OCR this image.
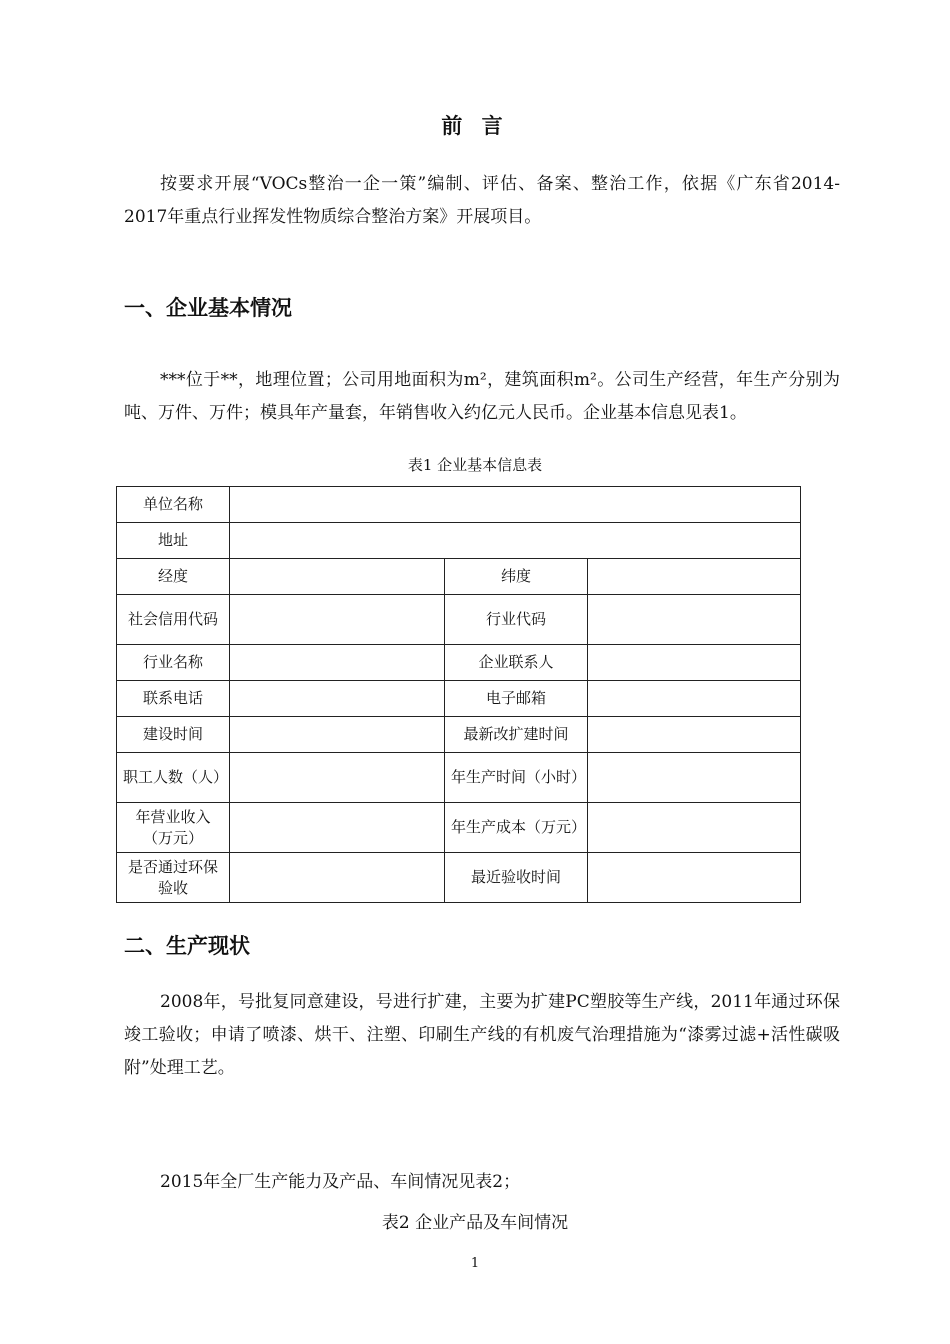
前 言

按要求开展“VOCs整治一企一策”编制、评估、备案、整治工作，依据《广东省2014-2017年重点行业挥发性物质综合整治方案》开展项目。

一、企业基本情况

***位于**，地理位置；公司用地面积为m²，建筑面积m²。公司生产经营，年生产分别为吨、万件、万件；模具年产量套，年销售收入约亿元人民币。企业基本信息见表1。

表1 企业基本信息表
单位名称			
地址			
经度		纬度	
社会信用代码		行业代码	
行业名称		企业联系人	
联系电话		电子邮箱	
建设时间		最新改扩建时间	
职工人数（人）		年生产时间（小时）	
年营业收入（万元）		年生产成本（万元）	
是否通过环保验收		最近验收时间	
二、生产现状

2008年，号批复同意建设，号进行扩建，主要为扩建PC塑胶等生产线，2011年通过环保竣工验收；申请了喷漆、烘干、注塑、印刷生产线的有机废气治理措施为“漆雾过滤+活性碳吸附”处理工艺。

2015年全厂生产能力及产品、车间情况见表2；

表2 企业产品及车间情况
1
